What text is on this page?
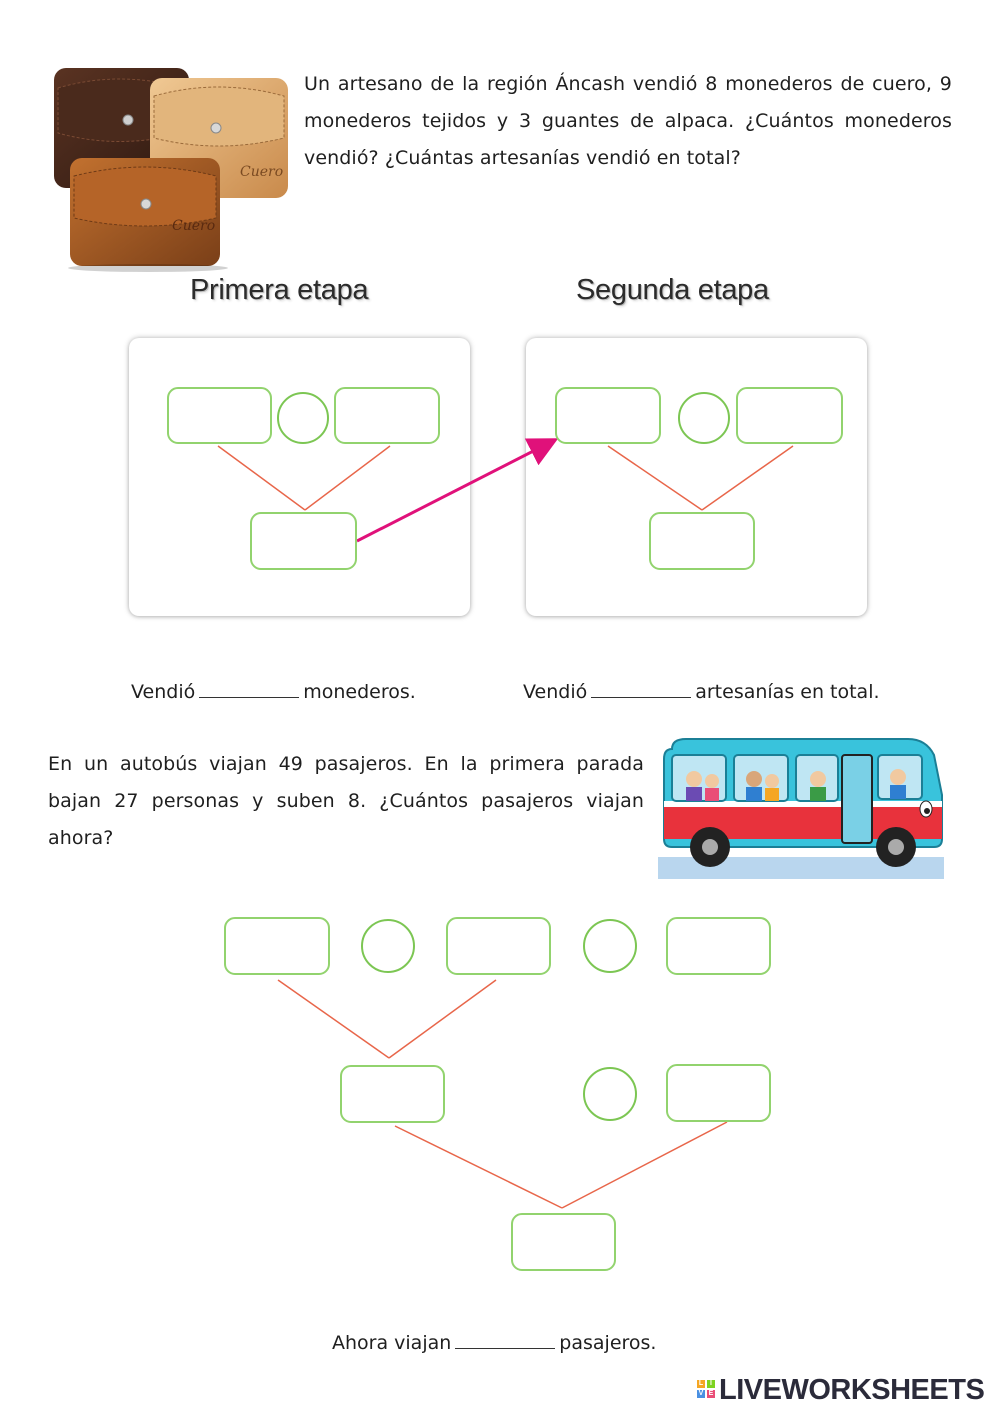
Cuero
Cuero
Un artesano de la región Áncash vendió 8 monederos de cuero, 9 monederos tejidos y 3 guantes de alpaca. ¿Cuántos monederos vendió? ¿Cuántas artesanías vendió en total?
Primera etapa	Segunda etapa
Vendió	monederos.	Vendió	artesanías en total.
En un autobús viajan 49 pasajeros. En la primera parada bajan 27 personas y suben 8. ¿Cuántos pasajeros viajan ahora?
Ahora viajan	pasajeros.
L I
V E LIVEWORKSHEETS
